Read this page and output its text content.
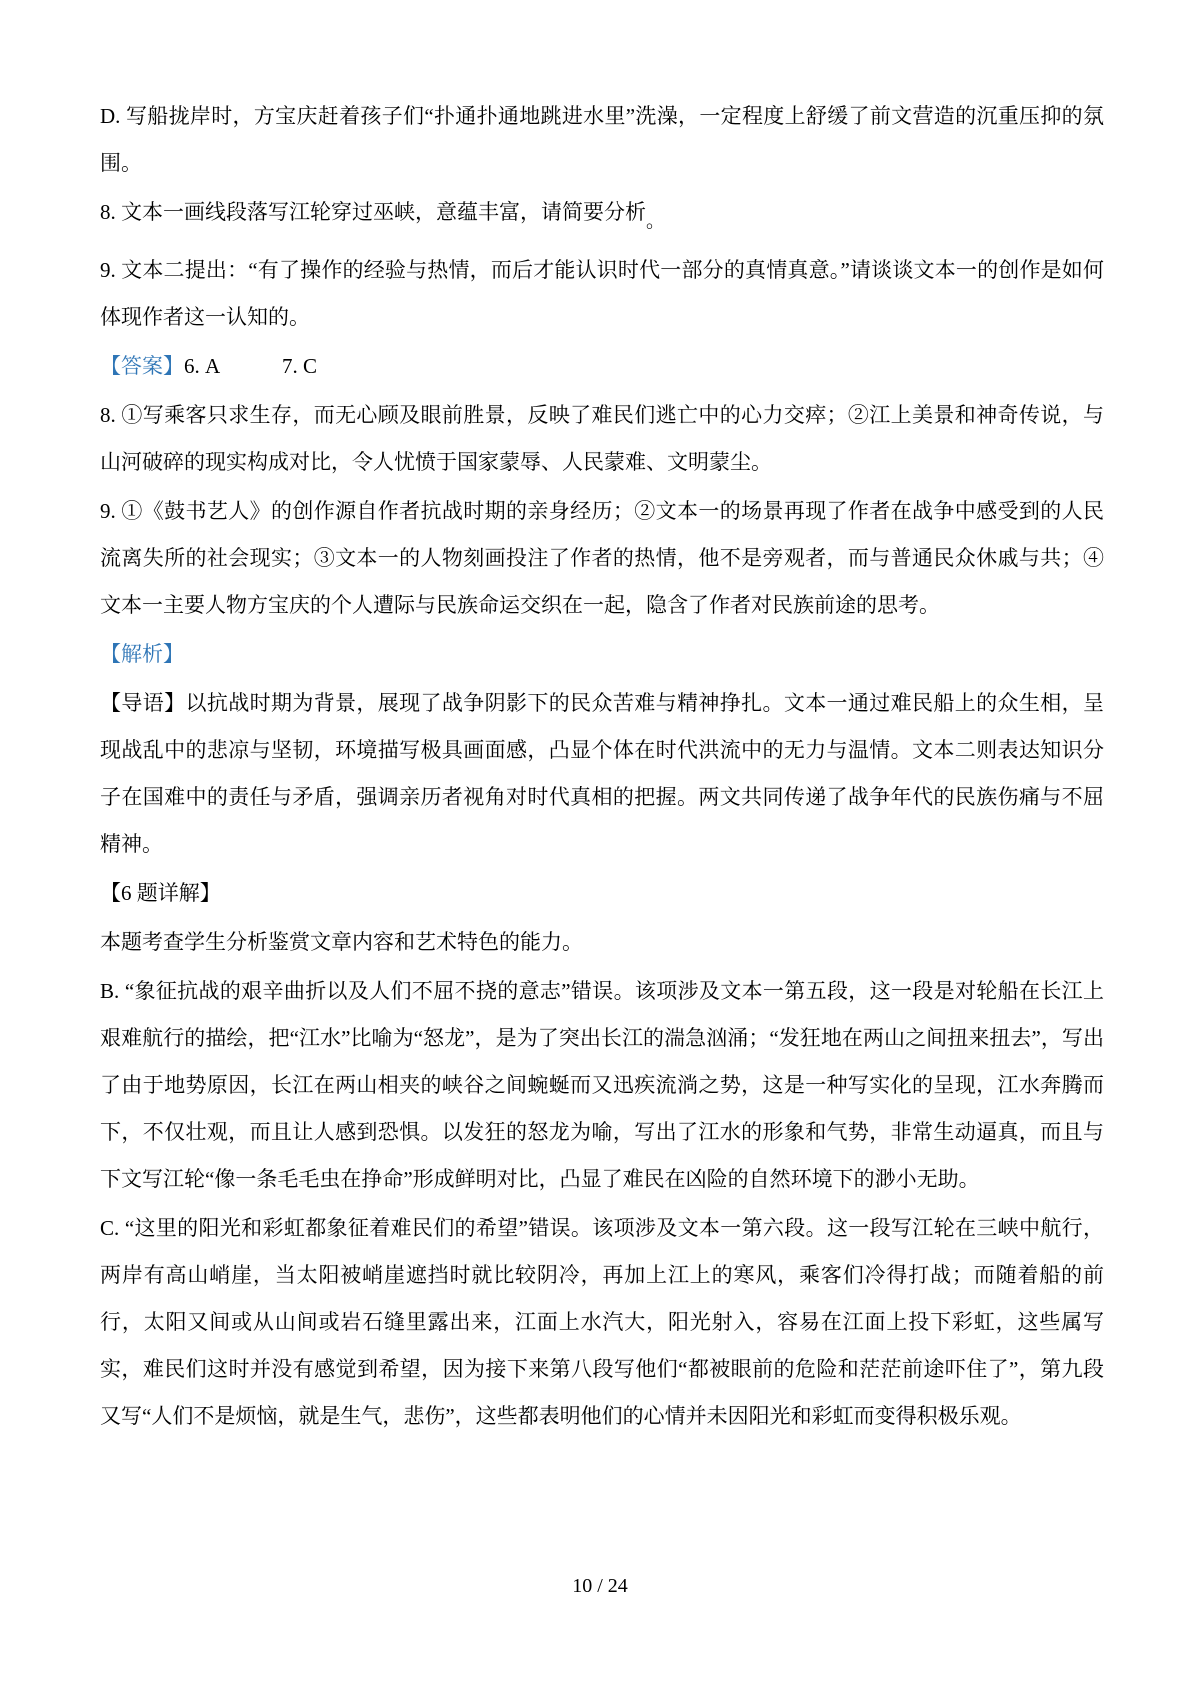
D. 写船拢岸时，方宝庆赶着孩子们“扑通扑通地跳进水里”洗澡，一定程度上舒缓了前文营造的沉重压抑的氛围。

8. 文本一画线段落写江轮穿过巫峡，意蕴丰富，请简要分析。

9. 文本二提出：“有了操作的经验与热情，而后才能认识时代一部分的真情真意。”请谈谈文本一的创作是如何体现作者这一认知的。

【答案】6. A　　　7. C

8. ①写乘客只求生存，而无心顾及眼前胜景，反映了难民们逃亡中的心力交瘁；②江上美景和神奇传说，与山河破碎的现实构成对比，令人忧愤于国家蒙辱、人民蒙难、文明蒙尘。

9. ①《鼓书艺人》的创作源自作者抗战时期的亲身经历；②文本一的场景再现了作者在战争中感受到的人民流离失所的社会现实；③文本一的人物刻画投注了作者的热情，他不是旁观者，而与普通民众休戚与共；④文本一主要人物方宝庆的个人遭际与民族命运交织在一起，隐含了作者对民族前途的思考。

【解析】

【导语】以抗战时期为背景，展现了战争阴影下的民众苦难与精神挣扎。文本一通过难民船上的众生相，呈现战乱中的悲凉与坚韧，环境描写极具画面感，凸显个体在时代洪流中的无力与温情。文本二则表达知识分子在国难中的责任与矛盾，强调亲历者视角对时代真相的把握。两文共同传递了战争年代的民族伤痛与不屈精神。

【6 题详解】

本题考查学生分析鉴赏文章内容和艺术特色的能力。

B. “象征抗战的艰辛曲折以及人们不屈不挠的意志”错误。该项涉及文本一第五段，这一段是对轮船在长江上艰难航行的描绘，把“江水”比喻为“怒龙”，是为了突出长江的湍急汹涌；“发狂地在两山之间扭来扭去”，写出了由于地势原因，长江在两山相夹的峡谷之间蜿蜒而又迅疾流淌之势，这是一种写实化的呈现，江水奔腾而下，不仅壮观，而且让人感到恐惧。以发狂的怒龙为喻，写出了江水的形象和气势，非常生动逼真，而且与下文写江轮“像一条毛毛虫在挣命”形成鲜明对比，凸显了难民在凶险的自然环境下的渺小无助。

C. “这里的阳光和彩虹都象征着难民们的希望”错误。该项涉及文本一第六段。这一段写江轮在三峡中航行，两岸有高山峭崖，当太阳被峭崖遮挡时就比较阴冷，再加上江上的寒风，乘客们冷得打战；而随着船的前行，太阳又间或从山间或岩石缝里露出来，江面上水汽大，阳光射入，容易在江面上投下彩虹，这些属写实，难民们这时并没有感觉到希望，因为接下来第八段写他们“都被眼前的危险和茫茫前途吓住了”，第九段又写“人们不是烦恼，就是生气，悲伤”，这些都表明他们的心情并未因阳光和彩虹而变得积极乐观。

10 / 24
